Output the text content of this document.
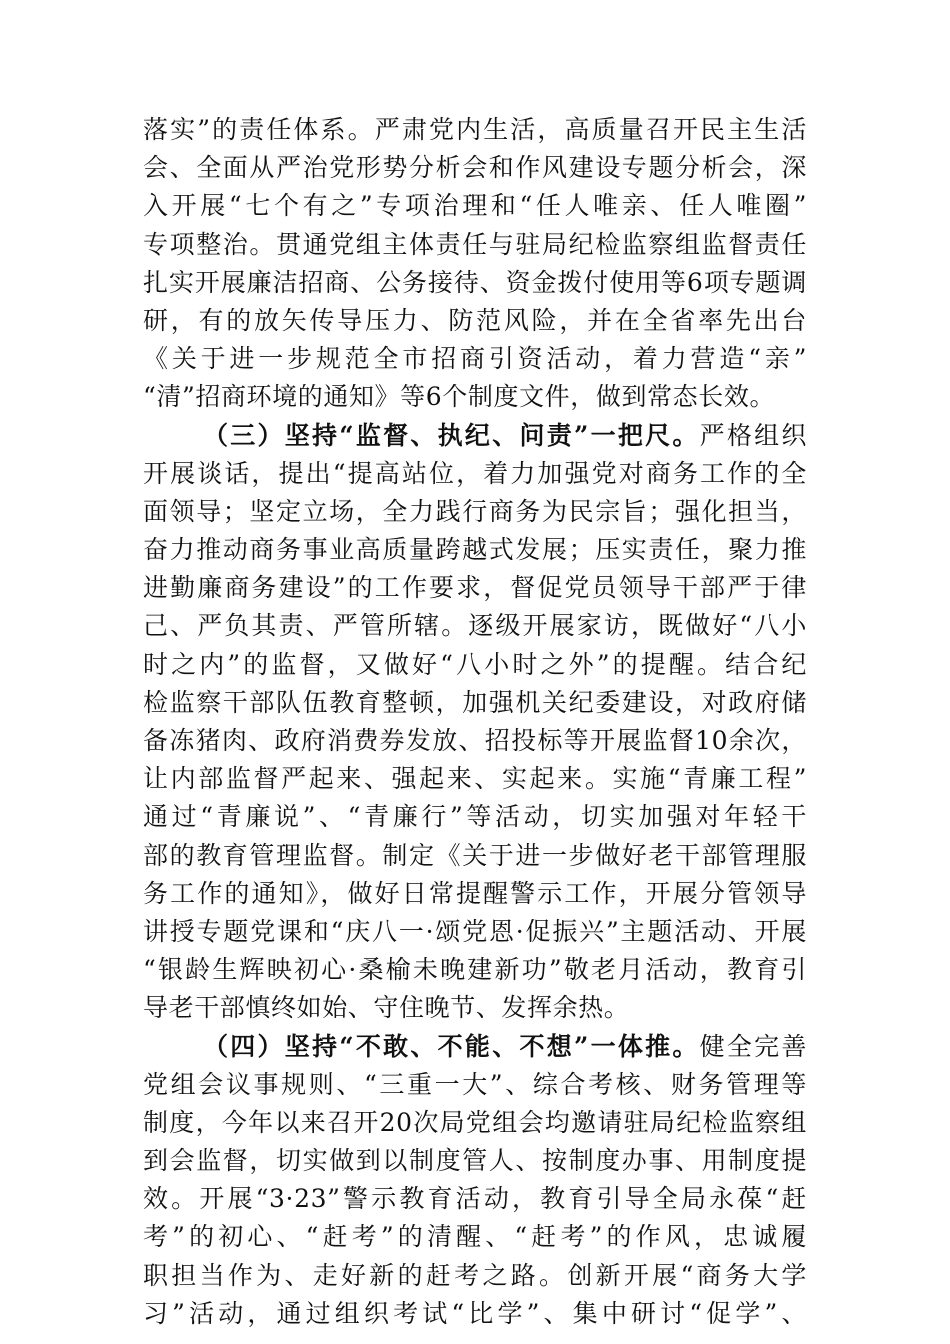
落实”的责任体系。严肃党内生活，高质量召开民主生活
会、全面从严治党形势分析会和作风建设专题分析会，深
入开展“七个有之”专项治理和“任人唯亲、任人唯圈”
专项整治。贯通党组主体责任与驻局纪检监察组监督责任
扎实开展廉洁招商、公务接待、资金拨付使用等6项专题调
研，有的放矢传导压力、防范风险，并在全省率先出台
《关于进一步规范全市招商引资活动，着力营造“亲”
“清”招商环境的通知》等6个制度文件，做到常态长效。
（三）坚持“监督、执纪、问责”一把尺。严格组织
开展谈话，提出“提高站位，着力加强党对商务工作的全
面领导；坚定立场，全力践行商务为民宗旨；强化担当，
奋力推动商务事业高质量跨越式发展；压实责任，聚力推
进勤廉商务建设”的工作要求，督促党员领导干部严于律
己、严负其责、严管所辖。逐级开展家访，既做好“八小
时之内”的监督，又做好“八小时之外”的提醒。结合纪
检监察干部队伍教育整顿，加强机关纪委建设，对政府储
备冻猪肉、政府消费券发放、招投标等开展监督10余次，
让内部监督严起来、强起来、实起来。实施“青廉工程”
通过“青廉说”、“青廉行”等活动，切实加强对年轻干
部的教育管理监督。制定《关于进一步做好老干部管理服
务工作的通知》，做好日常提醒警示工作，开展分管领导
讲授专题党课和“庆八一·颂党恩·促振兴”主题活动、开展
“银龄生辉映初心·桑榆未晚建新功”敬老月活动，教育引
导老干部慎终如始、守住晚节、发挥余热。
（四）坚持“不敢、不能、不想”一体推。健全完善
党组会议事规则、“三重一大”、综合考核、财务管理等
制度，今年以来召开20次局党组会均邀请驻局纪检监察组
到会监督，切实做到以制度管人、按制度办事、用制度提
效。开展“3·23”警示教育活动，教育引导全局永葆“赶
考”的初心、“赶考”的清醒、“赶考”的作风，忠诚履
职担当作为、走好新的赶考之路。创新开展“商务大学
习”活动，通过组织考试“比学”、集中研讨“促学”、
